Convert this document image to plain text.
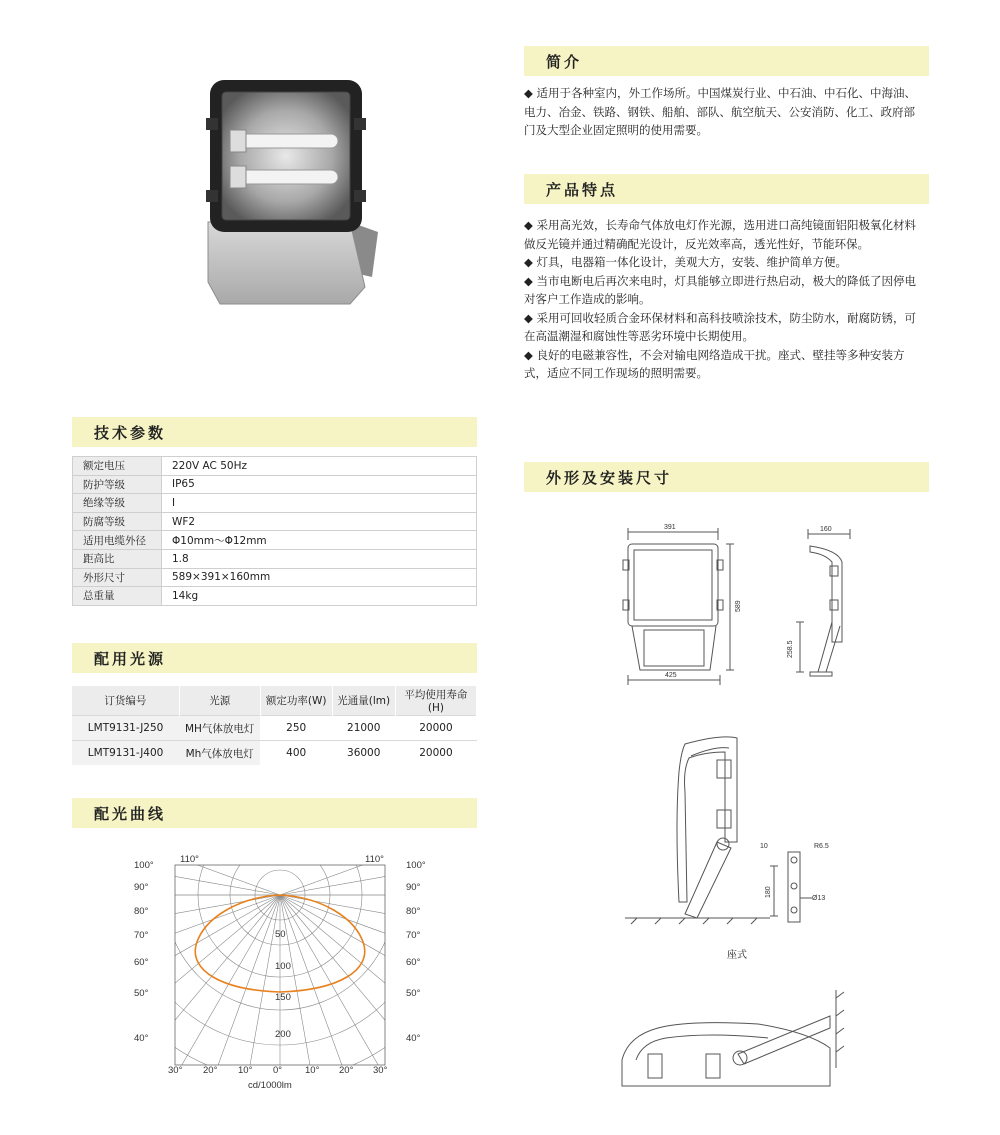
简介

◆ 适用于各种室内，外工作场所。中国煤炭行业、中石油、中石化、中海油、

电力、冶金、铁路、钢铁、船舶、部队、航空航天、公安消防、化工、政府部

门及大型企业固定照明的使用需要。

产品特点

◆ 采用高光效，长寿命气体放电灯作光源，选用进口高纯镜面铝阳极氧化材料

做反光镜并通过精确配光设计，反光效率高，透光性好，节能环保。

◆ 灯具，电器箱一体化设计，美观大方，安装、维护简单方便。

◆ 当市电断电后再次来电时，灯具能够立即进行热启动，极大的降低了因停电

对客户工作造成的影响。

◆ 采用可回收轻质合金环保材料和高科技喷涂技术，防尘防水，耐腐防锈，可

在高温潮湿和腐蚀性等恶劣环境中长期使用。

◆ 良好的电磁兼容性，不会对输电网络造成干扰。座式、壁挂等多种安装方

式，适应不同工作现场的照明需要。

技术参数
额定电压	220V AC 50Hz
防护等级	IP65
绝缘等级	I
防腐等级	WF2
适用电缆外径	Φ10mm～Φ12mm
距高比	1.8
外形尺寸	589×391×160mm
总重量	14kg
配用光源
订货编号	光源	额定功率(W)	光通量(lm)	平均使用寿命(H)
LMT9131-J250	MH气体放电灯	250	21000	20000
LMT9131-J400	Mh气体放电灯	400	36000	20000
配光曲线
110°	110°
cd/1000lm
100°	100°
90°	90°
80°	80°
70°	70°
60°	60°
50°	50°
40°	40°
50
100
150
200
30° 20° 10° 0° 10° 20° 30°
外形及安装尺寸
391
589
425
160
258.5
10	R6.5
180
Ø13
座式
